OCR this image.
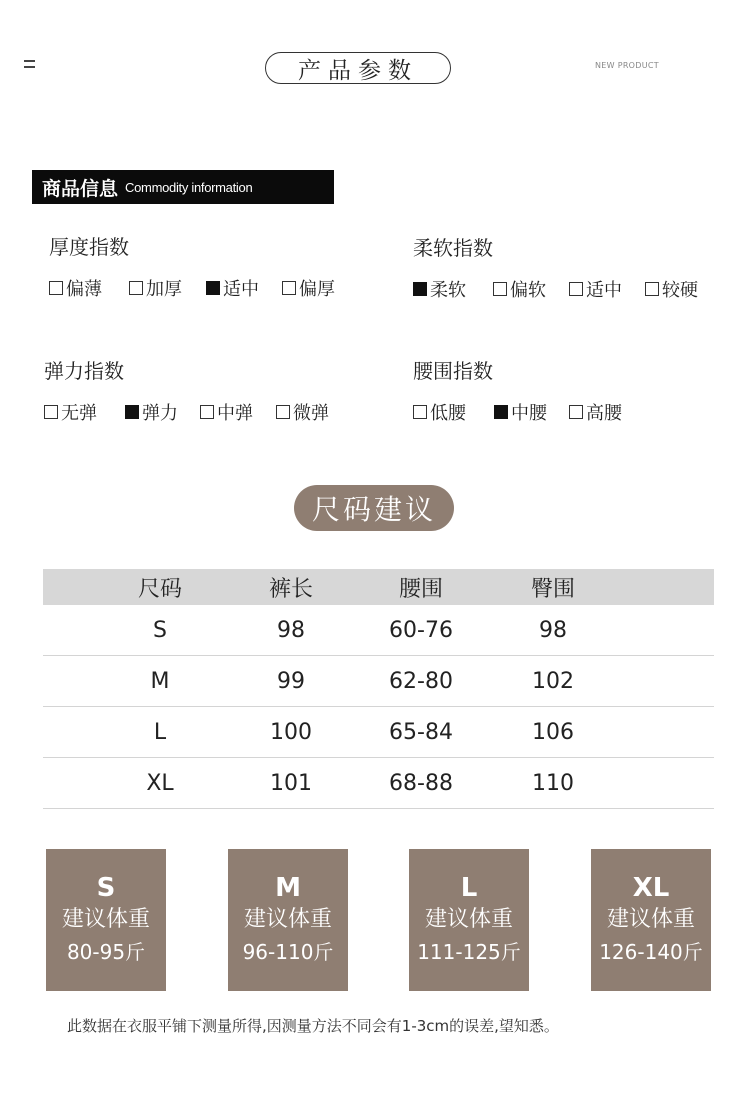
产品参数	NEW PRODUCT
商品信息 Commodity information
厚度指数
偏薄 加厚 适中 偏厚
柔软指数
柔软 偏软 适中 较硬
弹力指数
无弹	弹力 中弹 微弹
腰围指数
低腰	中腰 高腰
尺码建议
尺码	裤长	腰围	臀围
S	98	60-76	98
M	99	62-80	102
L	100	65-84	106
XL	101	68-88	110
S
建议体重
80-95斤
M
建议体重
96-110斤
L
建议体重
111-125斤
XL
建议体重
126-140斤
此数据在衣服平铺下测量所得,因测量方法不同会有1-3cm的误差,望知悉。
